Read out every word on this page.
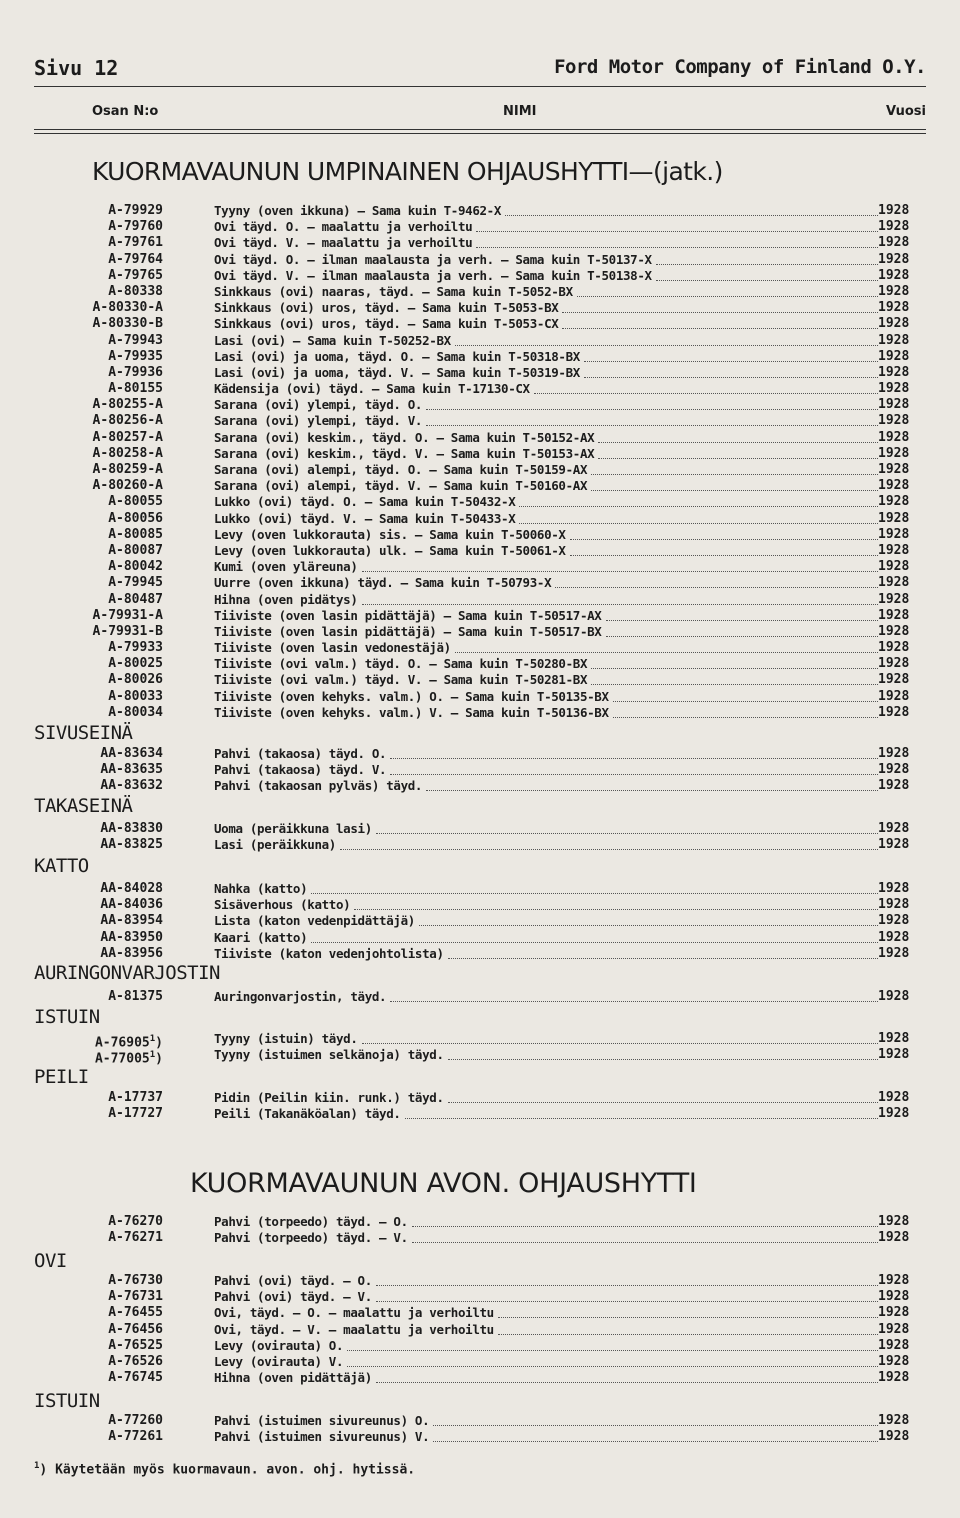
Sivu 12	Ford Motor Company of Finland O.Y.
Osan N:o	NIMI	Vuosi
KUORMAVAUNUN UMPINAINEN OHJAUSHYTTI—(jatk.)
A-79929	Tyyny (oven ikkuna) — Sama kuin T-9462-X	1928
A-79760	Ovi täyd. O. — maalattu ja verhoiltu	1928
A-79761	Ovi täyd. V. — maalattu ja verhoiltu	1928
A-79764	Ovi täyd. O. — ilman maalausta ja verh. — Sama kuin T-50137-X	1928
A-79765	Ovi täyd. V. — ilman maalausta ja verh. — Sama kuin T-50138-X	1928
A-80338	Sinkkaus (ovi) naaras, täyd. — Sama kuin T-5052-BX	1928
A-80330-A	Sinkkaus (ovi) uros, täyd. — Sama kuin T-5053-BX	1928
A-80330-B	Sinkkaus (ovi) uros, täyd. — Sama kuin T-5053-CX	1928
A-79943	Lasi (ovi) — Sama kuin T-50252-BX	1928
A-79935	Lasi (ovi) ja uoma, täyd. O. — Sama kuin T-50318-BX	1928
A-79936	Lasi (ovi) ja uoma, täyd. V. — Sama kuin T-50319-BX	1928
A-80155	Kädensija (ovi) täyd. — Sama kuin T-17130-CX	1928
A-80255-A	Sarana (ovi) ylempi, täyd. O.	1928
A-80256-A	Sarana (ovi) ylempi, täyd. V.	1928
A-80257-A	Sarana (ovi) keskim., täyd. O. — Sama kuin T-50152-AX	1928
A-80258-A	Sarana (ovi) keskim., täyd. V. — Sama kuin T-50153-AX	1928
A-80259-A	Sarana (ovi) alempi, täyd. O. — Sama kuin T-50159-AX	1928
A-80260-A	Sarana (ovi) alempi, täyd. V. — Sama kuin T-50160-AX	1928
A-80055	Lukko (ovi) täyd. O. — Sama kuin T-50432-X	1928
A-80056	Lukko (ovi) täyd. V. — Sama kuin T-50433-X	1928
A-80085	Levy (oven lukkorauta) sis. — Sama kuin T-50060-X	1928
A-80087	Levy (oven lukkorauta) ulk. — Sama kuin T-50061-X	1928
A-80042	Kumi (oven yläreuna)	1928
A-79945	Uurre (oven ikkuna) täyd. — Sama kuin T-50793-X	1928
A-80487	Hihna (oven pidätys)	1928
A-79931-A	Tiiviste (oven lasin pidättäjä) — Sama kuin T-50517-AX	1928
A-79931-B	Tiiviste (oven lasin pidättäjä) — Sama kuin T-50517-BX	1928
A-79933	Tiiviste (oven lasin vedonestäjä)	1928
A-80025	Tiiviste (ovi valm.) täyd. O. — Sama kuin T-50280-BX	1928
A-80026	Tiiviste (ovi valm.) täyd. V. — Sama kuin T-50281-BX	1928
A-80033	Tiiviste (oven kehyks. valm.) O. — Sama kuin T-50135-BX	1928
A-80034	Tiiviste (oven kehyks. valm.) V. — Sama kuin T-50136-BX	1928
SIVUSEINÄ
AA-83634	Pahvi (takaosa) täyd. O.	1928
AA-83635	Pahvi (takaosa) täyd. V.	1928
AA-83632	Pahvi (takaosan pylväs) täyd.	1928
TAKASEINÄ
AA-83830	Uoma (peräikkuna lasi)	1928
AA-83825	Lasi (peräikkuna)	1928
KATTO
AA-84028	Nahka (katto)	1928
AA-84036	Sisäverhous (katto)	1928
AA-83954	Lista (katon vedenpidättäjä)	1928
AA-83950	Kaari (katto)	1928
AA-83956	Tiiviste (katon vedenjohtolista)	1928
AURINGONVARJOSTIN
A-81375	Auringonvarjostin, täyd.	1928
ISTUIN
A-76905$^1$)	Tyyny (istuin) täyd.	1928
A-77005$^1$)	Tyyny (istuimen selkänoja) täyd.	1928
PEILI
A-17737	Pidin (Peilin kiin. runk.) täyd.	1928
A-17727	Peili (Takanäköalan) täyd.	1928
KUORMAVAUNUN AVON. OHJAUSHYTTI
A-76270	Pahvi (torpeedo) täyd. — O.	1928
A-76271	Pahvi (torpeedo) täyd. — V.	1928
OVI
A-76730	Pahvi (ovi) täyd. — O.	1928
A-76731	Pahvi (ovi) täyd. — V.	1928
A-76455	Ovi, täyd. — O. — maalattu ja verhoiltu	1928
A-76456	Ovi, täyd. — V. — maalattu ja verhoiltu	1928
A-76525	Levy (ovirauta) O.	1928
A-76526	Levy (ovirauta) V.	1928
A-76745	Hihna (oven pidättäjä)	1928
ISTUIN
A-77260	Pahvi (istuimen sivureunus) O.	1928
A-77261	Pahvi (istuimen sivureunus) V.	1928
$^1$) Käytetään myös kuormavaun. avon. ohj. hytissä.
